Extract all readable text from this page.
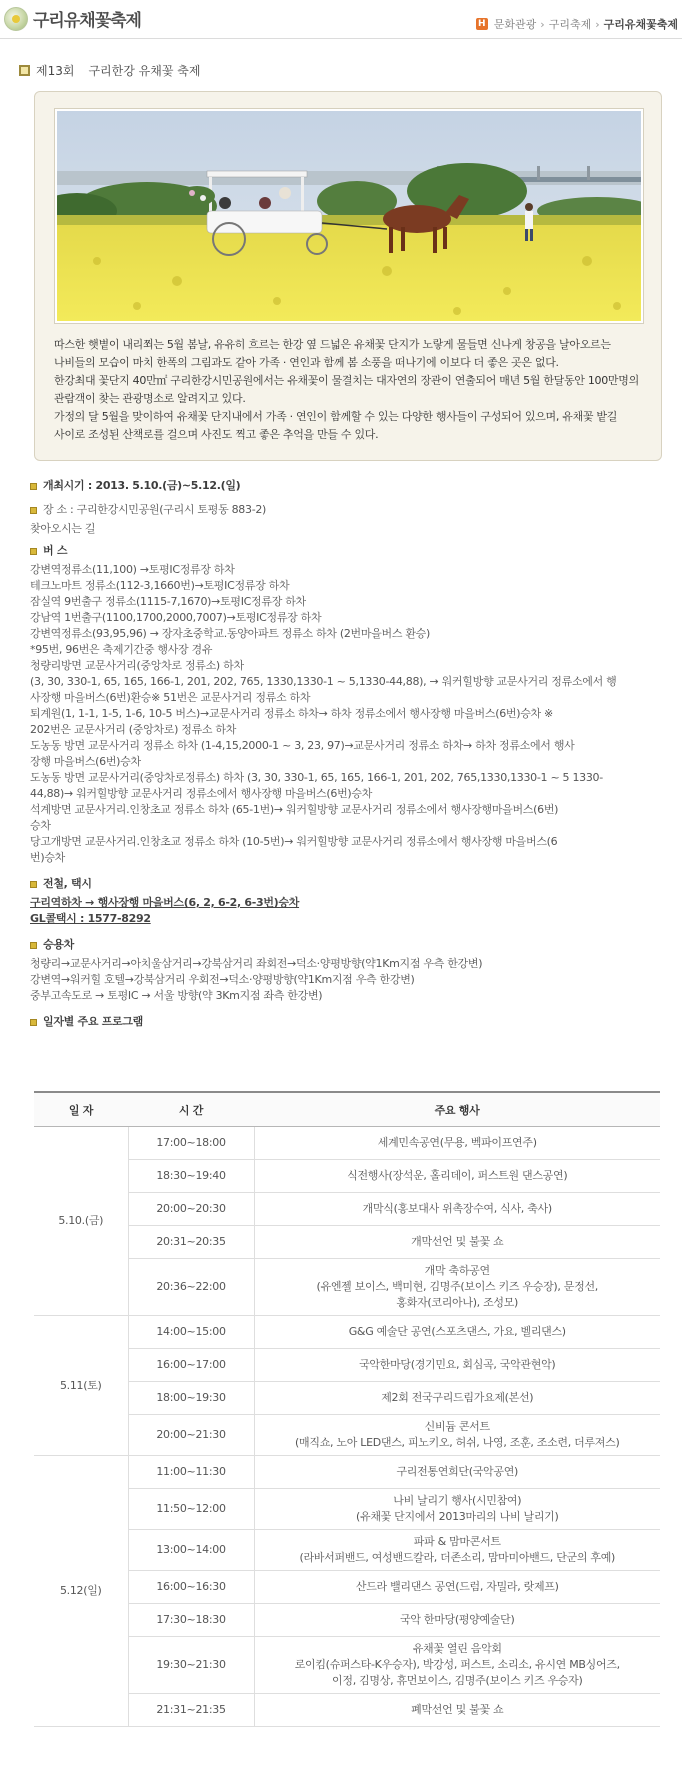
구리유채꽃축제	H 문화관광 › 구리축제 › 구리유채꽃축제
제13회 구리한강 유채꽃 축제

따스한 햇볕이 내리쬐는 5월 봄날, 유유히 흐르는 한강 옆 드넓은 유채꽃 단지가 노랗게 물들면 신나게 창공을 날아오르는

나비들의 모습이 마치 한폭의 그림과도 같아 가족 · 연인과 함께 봄 소풍을 떠나기에 이보다 더 좋은 곳은 없다.

한강최대 꽃단지 40만㎡ 구리한강시민공원에서는 유채꽃이 물결치는 대자연의 장관이 연출되어 매년 5월 한달동안 100만명의

관람객이 찾는 관광명소로 알려지고 있다.

가정의 달 5월을 맞이하여 유채꽃 단지내에서 가족 · 연인이 함께할 수 있는 다양한 행사들이 구성되어 있으며, 유채꽃 밭길

사이로 조성된 산책로를 걸으며 사진도 찍고 좋은 추억을 만들 수 있다.

개최시기 : 2013. 5.10.(금)~5.12.(일)
장 소 : 구리한강시민공원(구리시 토평동 883-2)
찾아오시는 길
버 스
강변역정류소(11,100) →토평IC정류장 하차
테크노마트 정류소(112-3,1660번)→토평IC정류장 하차
잠실역 9번출구 정류소(1115-7,1670)→토평IC정류장 하차
강남역 1번출구(1100,1700,2000,7007)→토평IC정류장 하차
강변역정류소(93,95,96) → 장자초중학교.동양아파트 정류소 하차 (2번마을버스 환승)
*95번, 96번은 축제기간중 행사장 경유
청량리방면 교문사거리(중앙차로 정류소) 하차
(3, 30, 330-1, 65, 165, 166-1, 201, 202, 765, 1330,1330-1 ~ 5,1330-44,88), → 워커힐방향 교문사거리 정류소에서 행
사장행 마을버스(6번)환승※ 51번은 교문사거리 정류소 하차
퇴계원(1, 1-1, 1-5, 1-6, 10-5 버스)→교문사거리 정류소 하차→ 하차 정류소에서 행사장행 마을버스(6번)승차 ※
202번은 교문사거리 (중앙차로) 정류소 하차
도농동 방면 교문사거리 정류소 하차 (1-4,15,2000-1 ~ 3, 23, 97)→교문사거리 정류소 하차→ 하차 정류소에서 행사
장행 마을버스(6번)승차
도농동 방면 교문사거리(중앙차로정류소) 하차 (3, 30, 330-1, 65, 165, 166-1, 201, 202, 765,1330,1330-1 ~ 5 1330-
44,88)→ 워커힐방향 교문사거리 정류소에서 행사장행 마을버스(6번)승차
석계방면 교문사거리.인창초교 정류소 하차 (65-1번)→ 워커힐방향 교문사거리 정류소에서 행사장행마을버스(6번)
승차
당고개방면 교문사거리.인창초교 정류소 하차 (10-5번)→ 워커힐방향 교문사거리 정류소에서 행사장행 마을버스(6
번)승차
전철, 택시
구리역하차 → 행사장행 마을버스(6, 2, 6-2, 6-3번)승차
GL콜택시 : 1577-8292
승용차
청량리→교문사거리→아치울삼거리→강북삼거리 좌회전→덕소·양평방향(약1Km지점 우측 한강변)
강변역→워커힐 호텔→강북삼거리 우회전→덕소·양평방향(약1Km지점 우측 한강변)
중부고속도로 → 토평IC → 서울 방향(약 3Km지점 좌측 한강변)
일자별 주요 프로그램
일 자	시 간	주요 행사
5.10.(금)	17:00~18:00	세계민속공연(무용, 벡파이프연주)
	18:30~19:40	식전행사(장석운, 홀리데이, 퍼스트원 댄스공연)
	20:00~20:30	개막식(홍보대사 위촉장수여, 식사, 축사)
	20:31~20:35	개막선언 및 불꽃 쇼
	20:36~22:00	개막 축하공연
(유엔젤 보이스, 백미현, 김명주(보이스 키즈 우승장), 문정선,
홍화자(코리아나), 조성모)
5.11(토)	14:00~15:00	G&G 예술단 공연(스포츠댄스, 가요, 벨리댄스)
	16:00~17:00	국악한마당(경기민요, 회심곡, 국악관현악)
	18:00~19:30	제2회 전국구리드림가요제(본선)
	20:00~21:30	신비듐 콘서트
(매직쇼, 노아 LED댄스, 피노키오, 허쉬, 나영, 조훈, 조소련, 더루져스)
5.12(일)	11:00~11:30	구리전통연희단(국악공연)
	11:50~12:00	나비 날리기 행사(시민참여)
(유채꽃 단지에서 2013마리의 나비 날리기)
	13:00~14:00	파파 & 맘마콘서트
(라바서퍼밴드, 여성밴드칼라, 더존소리, 맘마미아밴드, 단군의 후예)
	16:00~16:30	산드라 밸리댄스 공연(드럼, 자밀라, 랏제프)
	17:30~18:30	국악 한마당(평양예술단)
	19:30~21:30	유채꽃 열린 음악회
로이킴(슈퍼스타-K우승자), 박강성, 퍼스트, 소리소, 유시연 MB싱어즈,
이정, 김명상, 휴먼보이스, 김명주(보이스 키즈 우승자)
	21:31~21:35	폐막선언 및 불꽃 쇼
